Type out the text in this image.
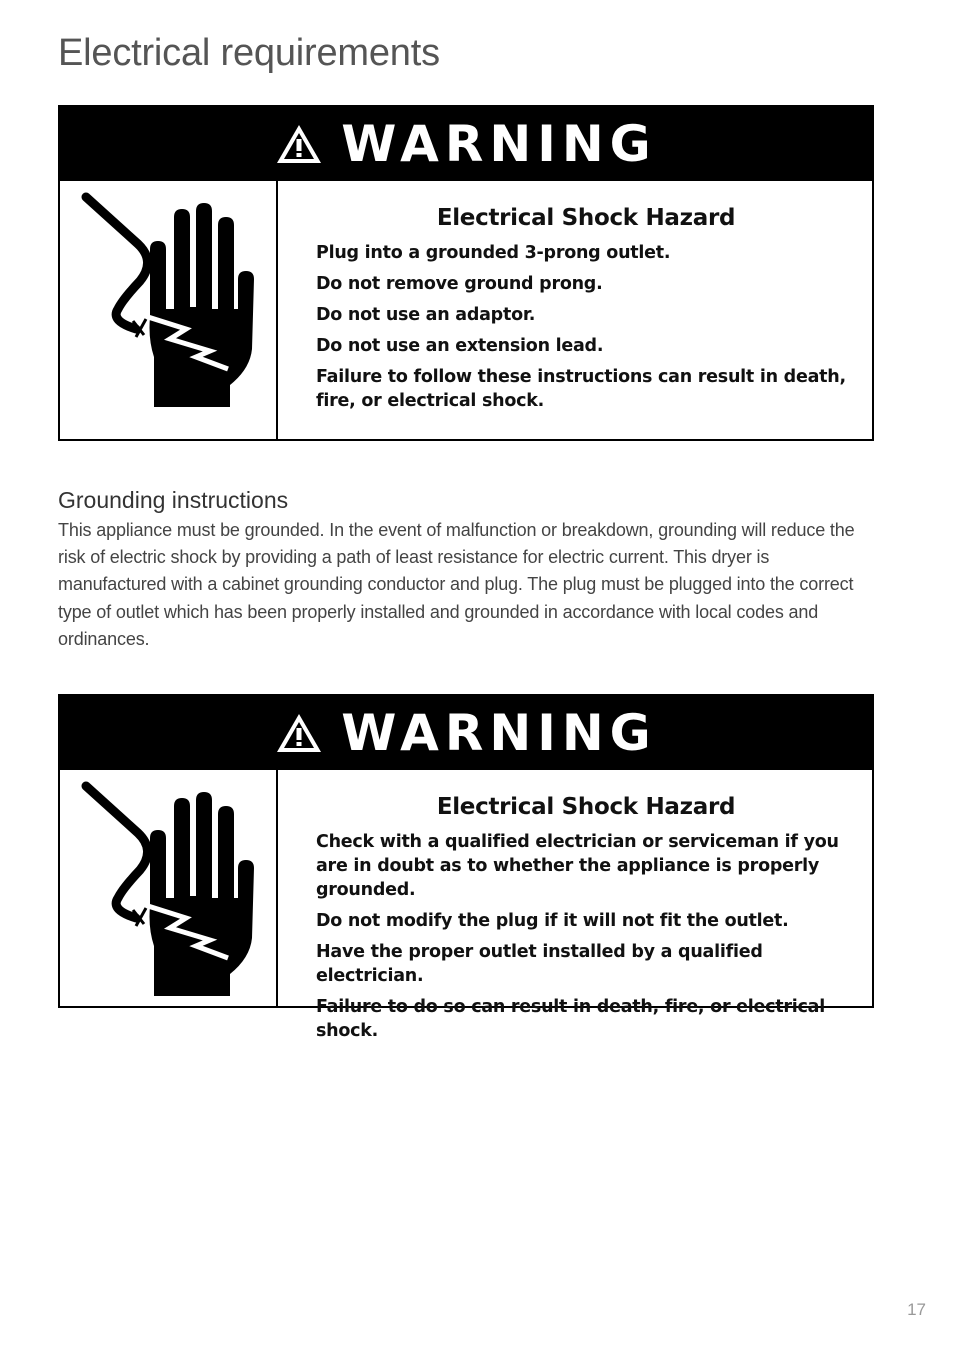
Electrical requirements
WARNING
Electrical Shock Hazard
Plug into a grounded 3-prong outlet.
Do not remove ground prong.
Do not use an adaptor.
Do not use an extension lead.
Failure to follow these instructions can result in death, fire, or electrical shock.
Grounding instructions
This appliance must be grounded. In the event of malfunction or breakdown, grounding will reduce the risk of electric shock by providing a path of least resistance for electric current. This dryer is manufactured with a cabinet grounding conductor and plug. The plug must be plugged into the correct type of outlet which has been properly installed and grounded in accordance with local codes and ordinances.
WARNING
Electrical Shock Hazard
Check with a qualified electrician or serviceman if you are in doubt as to whether the appliance is properly grounded.
Do not modify the plug if it will not fit the outlet.
Have the proper outlet installed by a qualified electrician.
Failure to do so can result in death, fire, or electrical shock.
17
